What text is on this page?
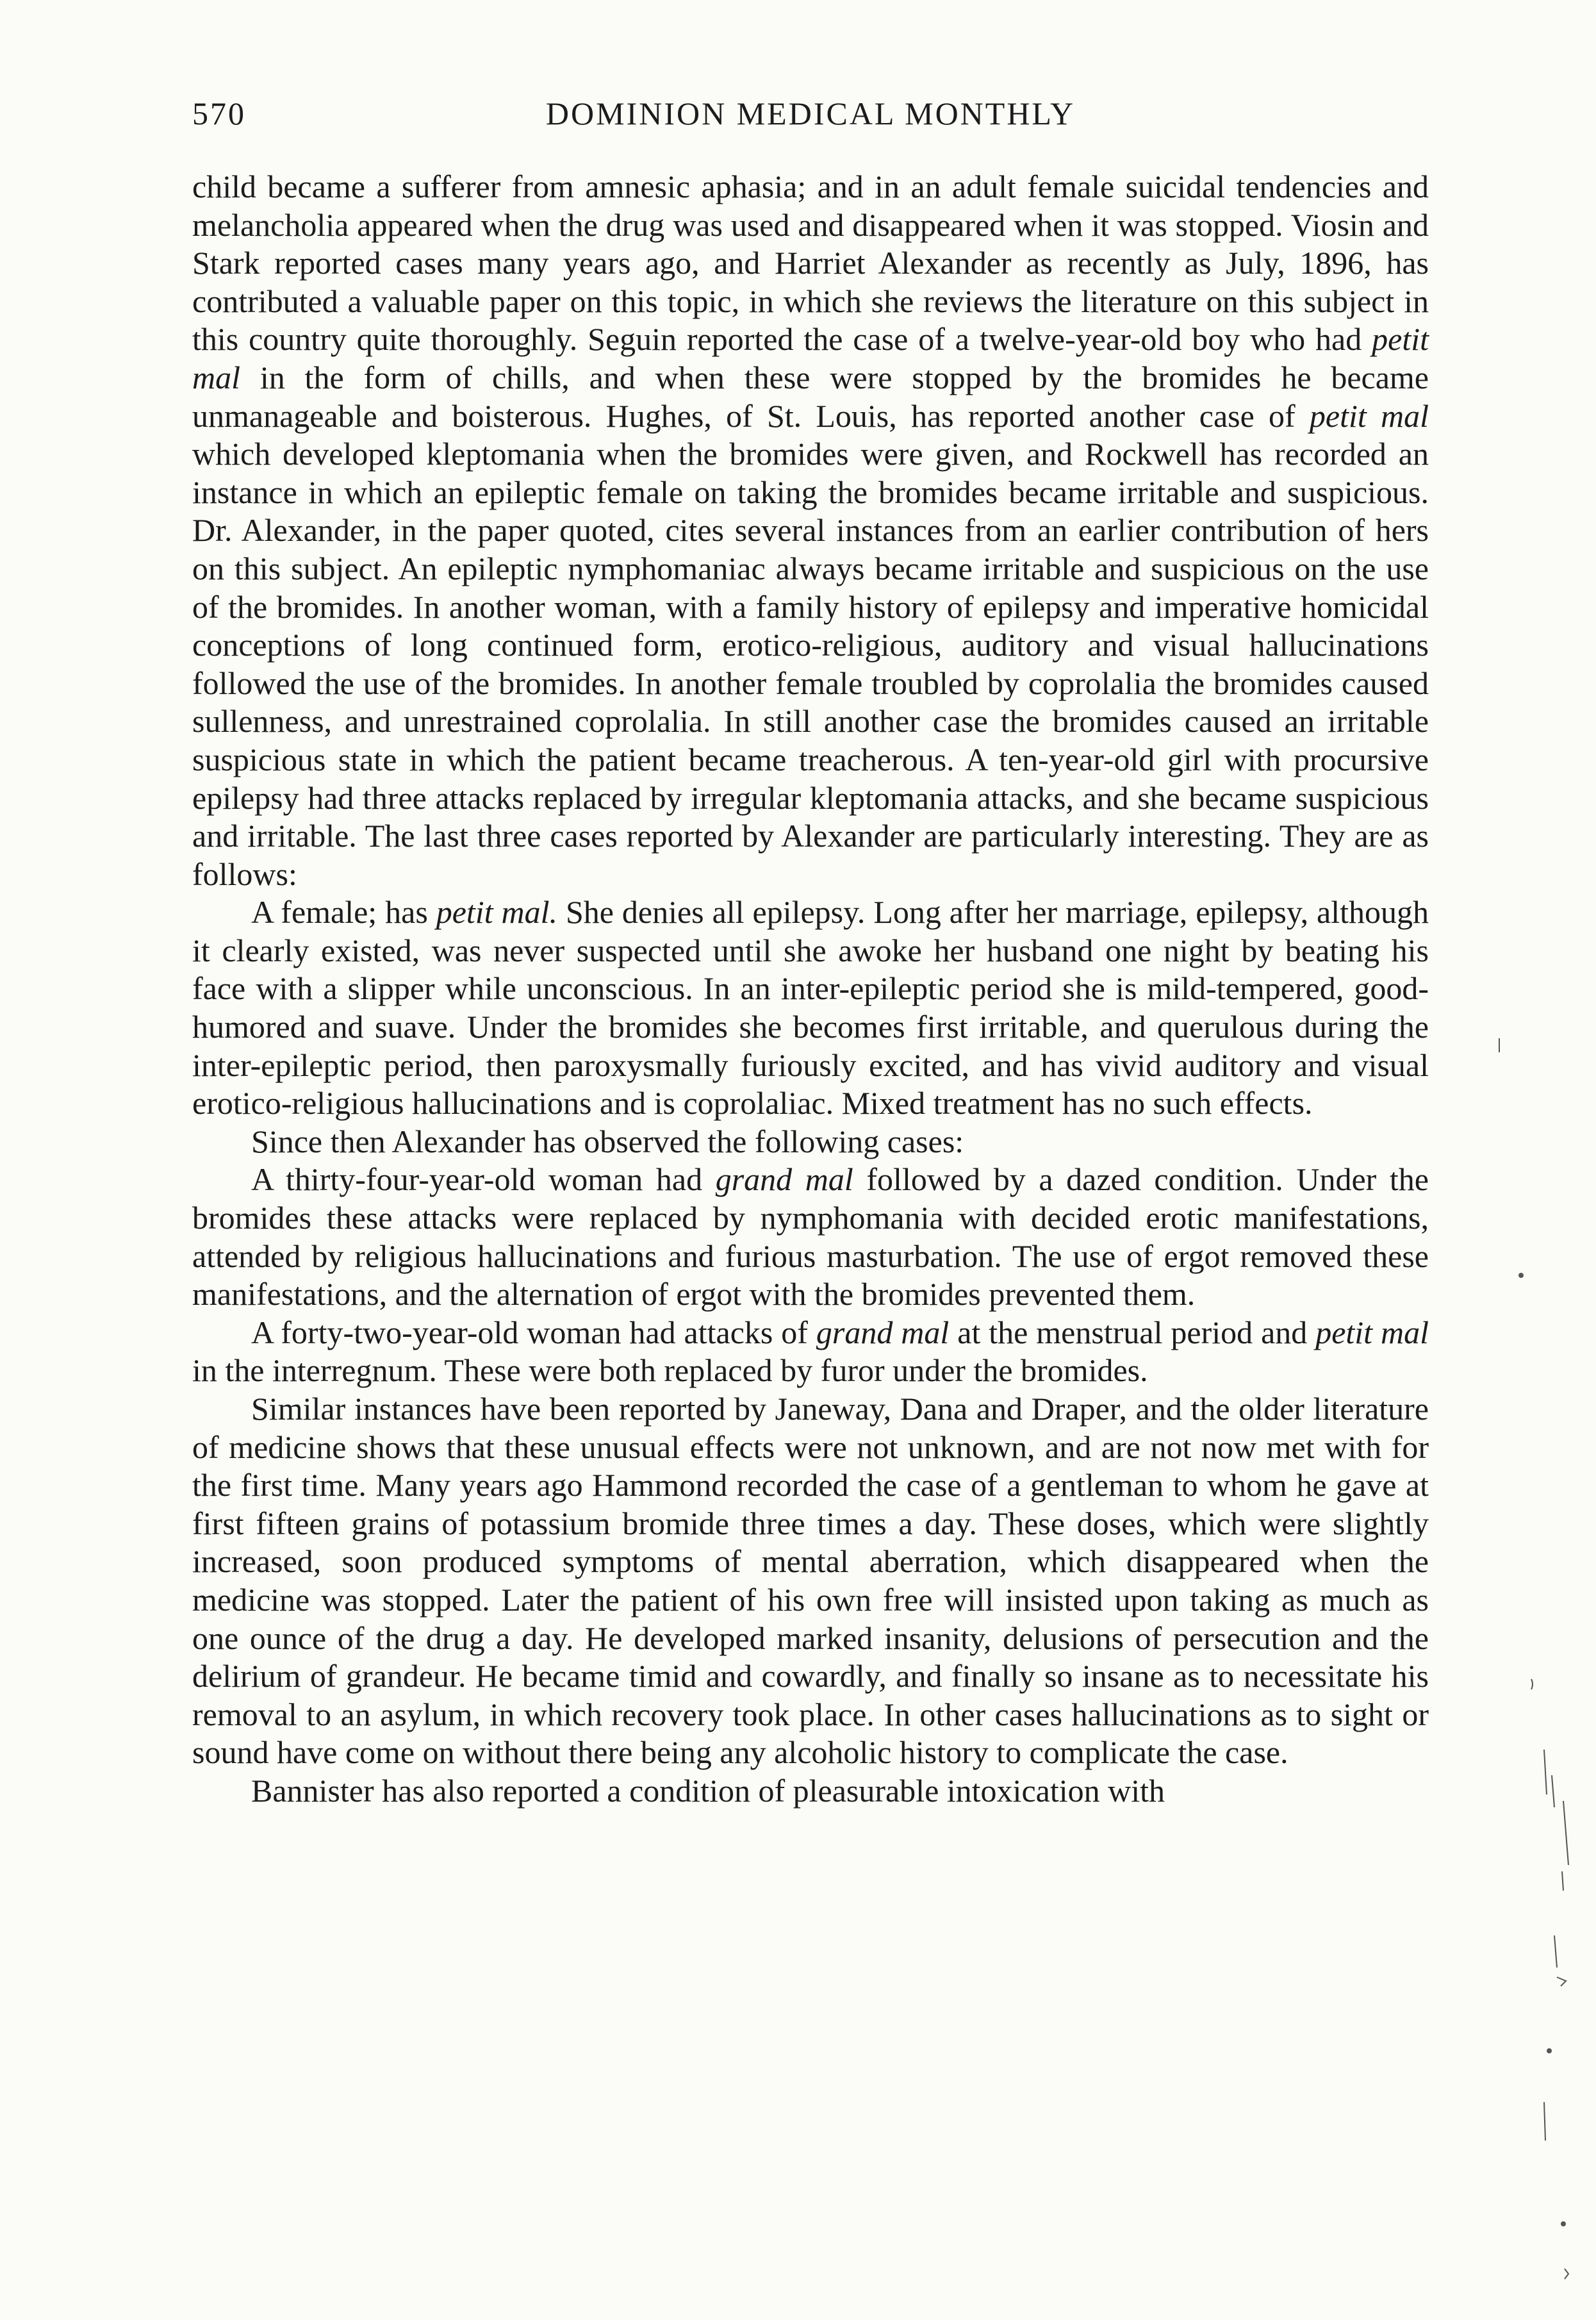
570	DOMINION MEDICAL MONTHLY

child became a sufferer from amnesic aphasia; and in an adult female suicidal tendencies and melancholia appeared when the drug was used and disappeared when it was stopped. Viosin and Stark reported cases many years ago, and Harriet Alexander as recently as July, 1896, has contributed a valuable paper on this topic, in which she reviews the literature on this subject in this country quite thoroughly. Seguin reported the case of a twelve-year-old boy who had petit mal in the form of chills, and when these were stopped by the bromides he became unmanageable and boisterous. Hughes, of St. Louis, has reported another case of petit mal which developed kleptomania when the bromides were given, and Rockwell has recorded an instance in which an epileptic female on taking the bromides became irritable and suspicious. Dr. Alexander, in the paper quoted, cites several instances from an earlier contribution of hers on this subject. An epileptic nymphomaniac always became irritable and suspicious on the use of the bromides. In another woman, with a family history of epilepsy and imperative homicidal conceptions of long continued form, erotico-religious, auditory and visual hallucinations followed the use of the bromides. In another female troubled by coprolalia the bromides caused sullenness, and unrestrained coprolalia. In still another case the bromides caused an irritable suspicious state in which the patient became treacherous. A ten-year-old girl with procursive epilepsy had three attacks replaced by irregular kleptomania attacks, and she became suspicious and irritable. The last three cases reported by Alexander are particularly interesting. They are as follows:

A female; has petit mal. She denies all epilepsy. Long after her marriage, epilepsy, although it clearly existed, was never suspected until she awoke her husband one night by beating his face with a slipper while unconscious. In an inter-epileptic period she is mild-tempered, good-humored and suave. Under the bromides she becomes first irritable, and querulous during the inter-epileptic period, then paroxysmally furiously excited, and has vivid auditory and visual erotico-religious hallucinations and is coprolaliac. Mixed treatment has no such effects.

Since then Alexander has observed the following cases:

A thirty-four-year-old woman had grand mal followed by a dazed condition. Under the bromides these attacks were replaced by nymphomania with decided erotic manifestations, attended by religious hallucinations and furious masturbation. The use of ergot removed these manifestations, and the alternation of ergot with the bromides prevented them.

A forty-two-year-old woman had attacks of grand mal at the menstrual period and petit mal in the interregnum. These were both replaced by furor under the bromides.

Similar instances have been reported by Janeway, Dana and Draper, and the older literature of medicine shows that these unusual effects were not unknown, and are not now met with for the first time. Many years ago Hammond recorded the case of a gentleman to whom he gave at first fifteen grains of potassium bromide three times a day. These doses, which were slightly increased, soon produced symptoms of mental aberration, which disappeared when the medicine was stopped. Later the patient of his own free will insisted upon taking as much as one ounce of the drug a day. He developed marked insanity, delusions of persecution and the delirium of grandeur. He became timid and cowardly, and finally so insane as to necessitate his removal to an asylum, in which recovery took place. In other cases hallucinations as to sight or sound have come on without there being any alcoholic history to complicate the case.

Bannister has also reported a condition of pleasurable intoxication with
